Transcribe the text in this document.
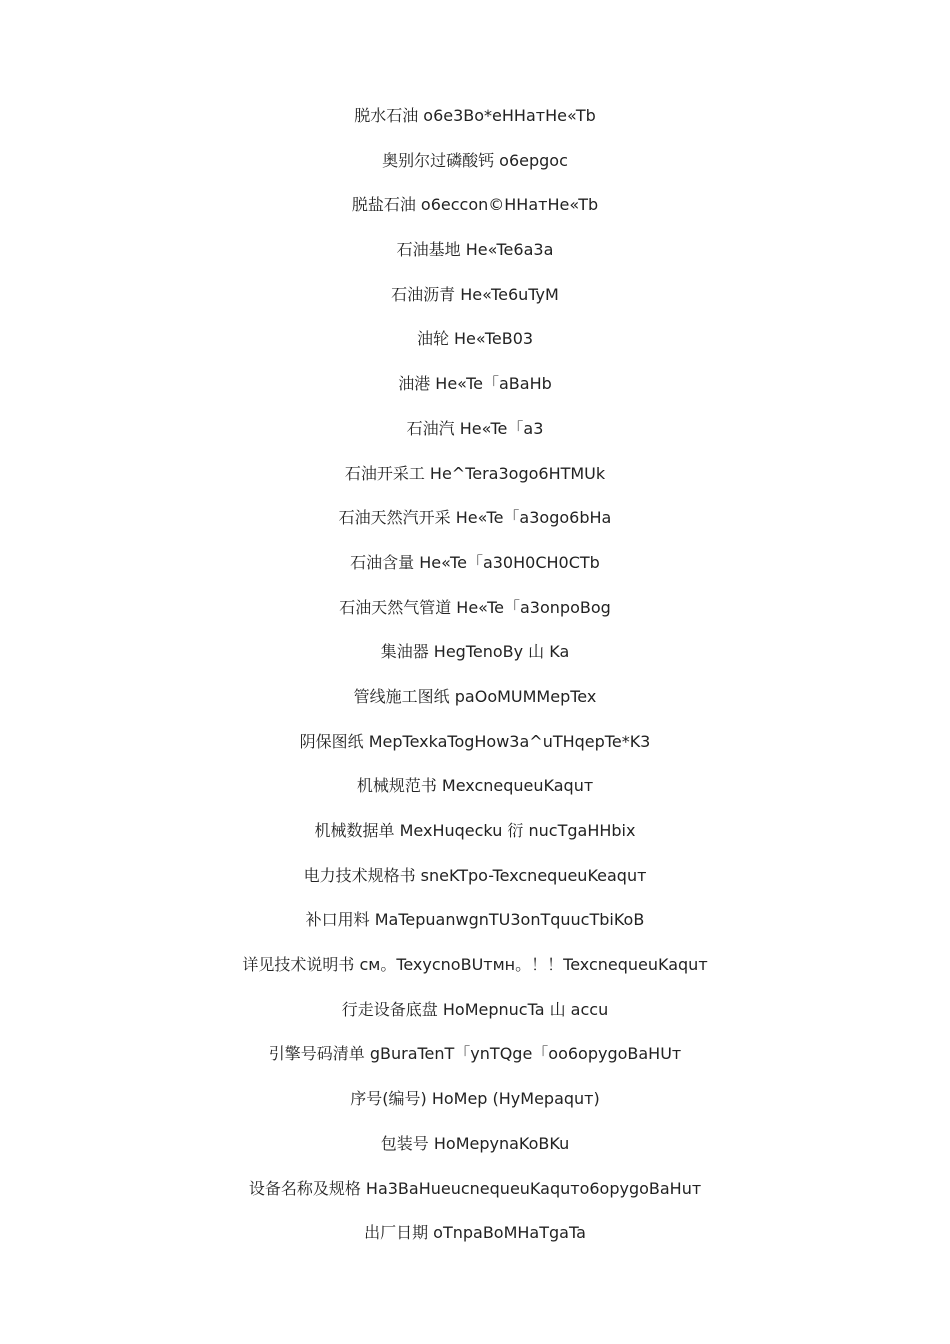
脱水石油 o6e3Bo*eHHaтHe«Tb
奥别尔过磷酸钙 o6epgoc
脱盐石油 o6eccon©HHaтHe«Tb
石油基地 He«Te6a3a
石油沥青 He«Te6uTyM
油轮 He«TeB03
油港 He«Te「aBaHb
石油汽 He«Te「a3
石油开采工 He^Tera3ogo6HTMUk
石油天然汽开采 He«Te「a3ogo6bHa
石油含量 He«Te「a30H0CH0CTb
石油天然气管道 He«Te「a3onpoBog
集油器 HegTenoBy 山 Ka
管线施工图纸 paOoMUMMepTex
阴保图纸 MepTexkaTogHow3a^uTHqepTe*K3
机械规范书 MexcnequeuKaquт
机械数据单 MexHuqecku 衍 nucTgaHHbix
电力技术规格书 sneKTpo-TexcnequeuKeaquт
补口用料 MaTepuanwgnTU3onTquucTbiKoB
详见技术说明书 cм。TexycnoBUтмн。！！TexcnequeuKaquт
行走设备底盘 HoMepnucTa 山 accu
引擎号码清单 gBuraTenT「ynTQge「oo6opygoBaHUт
序号(编号) HoMep (HyMepaquт)
包装号 HoMepynaKoBKu
设备名称及规格 Ha3BaHueucnequeuKaquтo6opygoBaHuт
出厂日期 oTnpaBoMHaTgaTa
